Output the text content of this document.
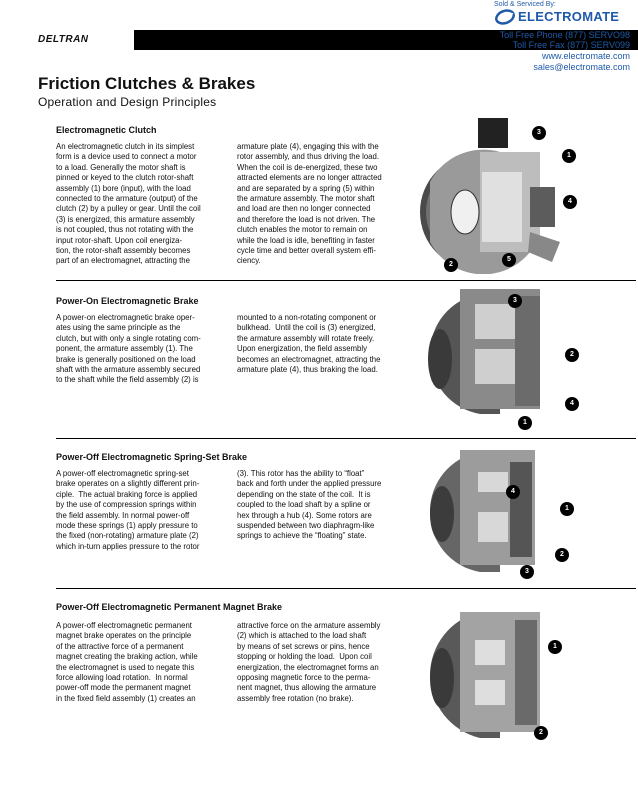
Sold & Serviced By:
ELECTROMATE
DELTRAN	Toll Free Phone (877) SERVO98
Toll Free Fax (877) SERV099
www.electromate.com
sales@electromate.com
Friction Clutches & Brakes
Operation and Design Principles
Electromagnetic Clutch
An electromagnetic clutch in its simplest
form is a device used to connect a motor
to a load. Generally the motor shaft is
pinned or keyed to the clutch rotor-shaft
assembly (1) bore (input), with the load
connected to the armature (output) of the
clutch (2) by a pulley or gear. Until the coil
(3) is energized, this armature assembly
is not coupled, thus not rotating with the
input rotor-shaft. Upon coil energiza-
tion, the rotor-shaft assembly becomes
part of an electromagnet, attracting the
armature plate (4), engaging this with the
rotor assembly, and thus driving the load.
When the coil is de-energized, these two
attracted elements are no longer attracted
and are separated by a spring (5) within
the armature assembly. The motor shaft
and load are then no longer connected
and therefore the load is not driven. The
clutch enables the motor to remain on
while the load is idle, benefiting in faster
cycle time and better overall system effi-
ciency.
3
1
4
2
5
Power-On Electromagnetic Brake
A power-on electromagnetic brake oper-
ates using the same principle as the
clutch, but with only a single rotating com-
ponent, the armature assembly (1). The
brake is generally positioned on the load
shaft with the armature assembly secured
to the shaft while the field assembly (2) is
mounted to a non-rotating component or
bulkhead.  Until the coil is (3) energized,
the armature assembly will rotate freely.
Upon energization, the field assembly
becomes an electromagnet, attracting the
armature plate (4), thus braking the load.
3
2
4
1
Power-Off Electromagnetic Spring-Set Brake
A power-off electromagnetic spring-set
brake operates on a slightly different prin-
ciple.  The actual braking force is applied
by the use of compression springs within
the field assembly. In normal power-off
mode these springs (1) apply pressure to
the fixed (non-rotating) armature plate (2)
which in-turn applies pressure to the rotor
(3). This rotor has the ability to “float”
back and forth under the applied pressure
depending on the state of the coil.  It is
coupled to the load shaft by a spline or
hex through a hub (4). Some rotors are
suspended between two diaphragm-like
springs to achieve the “floating” state.
4
1
2
3
Power-Off Electromagnetic Permanent Magnet Brake
A power-off electromagnetic permanent
magnet brake operates on the principle
of the attractive force of a permanent
magnet creating the braking action, while
the electromagnet is used to negate this
force allowing load rotation.  In normal
power-off mode the permanent magnet
in the fixed field assembly (1) creates an
attractive force on the armature assembly
(2) which is attached to the load shaft
by means of set screws or pins, hence
stopping or holding the load.  Upon coil
energization, the electromagnet forms an
opposing magnetic force to the perma-
nent magnet, thus allowing the armature
assembly free rotation (no brake).
1
2
